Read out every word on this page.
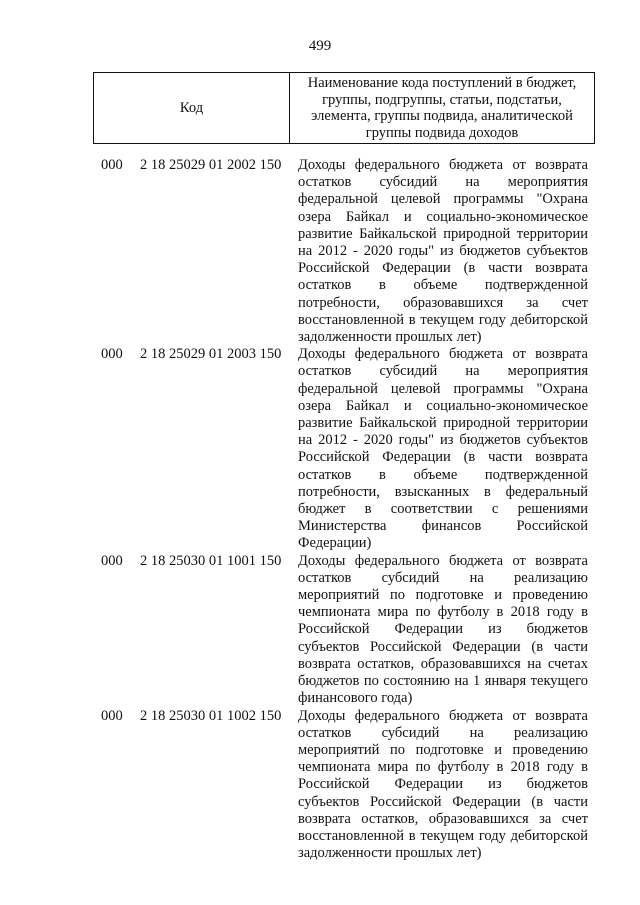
499
Код
Наименование кода поступлений в бюджет, группы, подгруппы, статьи, подстатьи, элемента, группы подвида, аналитической группы подвида доходов
000 2 18 25029 01 2002 150 Доходы федерального бюджета от возврата остатков субсидий на мероприятия федеральной целевой программы "Охрана озера Байкал и социально-экономическое развитие Байкальской природной территории на 2012 - 2020 годы" из бюджетов субъектов Российской Федерации (в части возврата остатков в объеме подтвержденной потребности, образовавшихся за счет восстановленной в текущем году дебиторской задолженности прошлых лет)
000 2 18 25029 01 2003 150 Доходы федерального бюджета от возврата остатков субсидий на мероприятия федеральной целевой программы "Охрана озера Байкал и социально-экономическое развитие Байкальской природной территории на 2012 - 2020 годы" из бюджетов субъектов Российской Федерации (в части возврата остатков в объеме подтвержденной потребности, взысканных в федеральный бюджет в соответствии с решениями Министерства финансов Российской Федерации)
000 2 18 25030 01 1001 150 Доходы федерального бюджета от возврата остатков субсидий на реализацию мероприятий по подготовке и проведению чемпионата мира по футболу в 2018 году в Российской Федерации из бюджетов субъектов Российской Федерации (в части возврата остатков, образовавшихся на счетах бюджетов по состоянию на 1 января текущего финансового года)
000 2 18 25030 01 1002 150 Доходы федерального бюджета от возврата остатков субсидий на реализацию мероприятий по подготовке и проведению чемпионата мира по футболу в 2018 году в Российской Федерации из бюджетов субъектов Российской Федерации (в части возврата остатков, образовавшихся за счет восстановленной в текущем году дебиторской задолженности прошлых лет)
